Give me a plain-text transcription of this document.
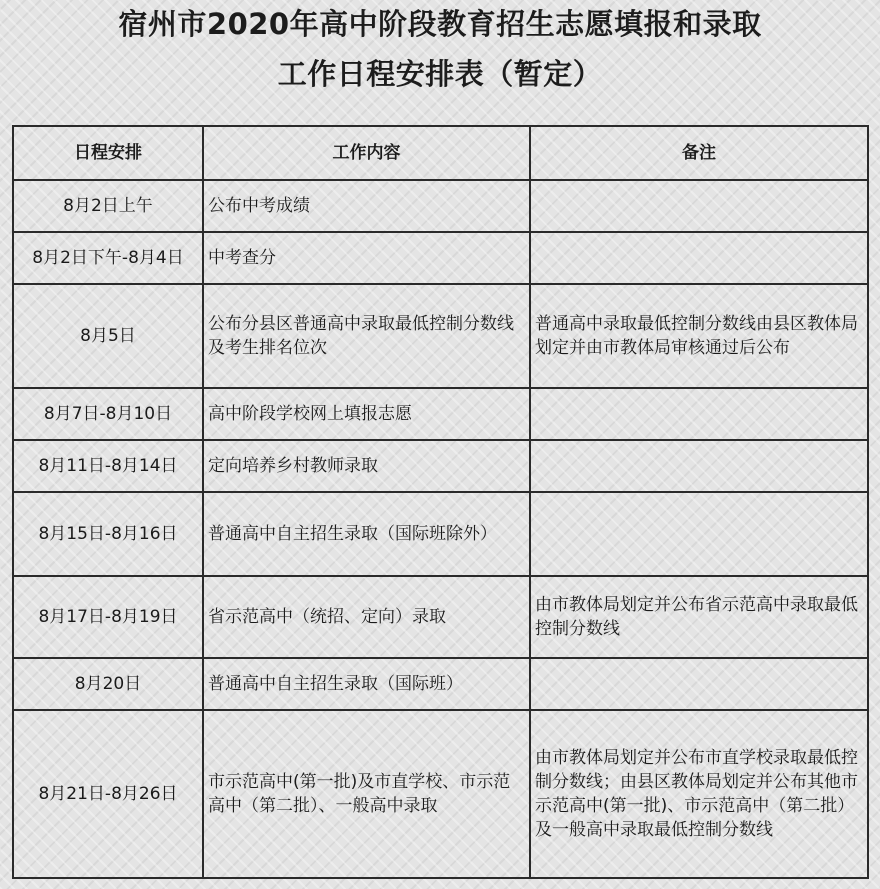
宿州市2020年高中阶段教育招生志愿填报和录取
工作日程安排表（暂定）
日程安排	工作内容	备注
8月2日上午	公布中考成绩	
8月2日下午-8月4日	中考查分	
8月5日	公布分县区普通高中录取最低控制分数线及考生排名位次	普通高中录取最低控制分数线由县区教体局划定并由市教体局审核通过后公布
8月7日-8月10日	高中阶段学校网上填报志愿	
8月11日-8月14日	定向培养乡村教师录取	
8月15日-8月16日	普通高中自主招生录取（国际班除外）	
8月17日-8月19日	省示范高中（统招、定向）录取	由市教体局划定并公布省示范高中录取最低控制分数线
8月20日	普通高中自主招生录取（国际班）	
8月21日-8月26日	市示范高中(第一批)及市直学校、市示范高中（第二批）、一般高中录取	由市教体局划定并公布市直学校录取最低控制分数线；由县区教体局划定并公布其他市示范高中(第一批)、市示范高中（第二批）及一般高中录取最低控制分数线
